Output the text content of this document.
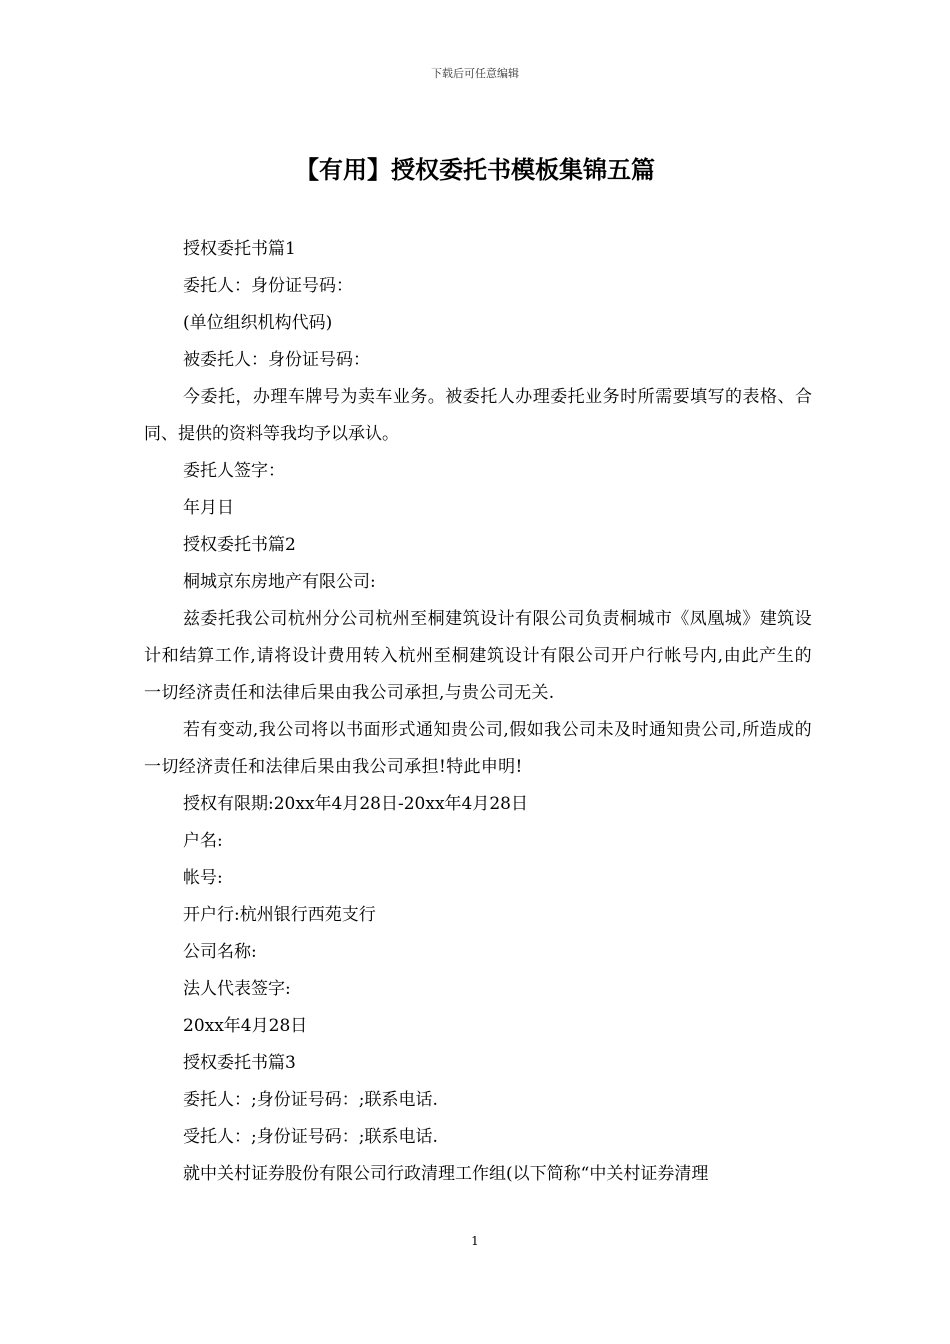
下载后可任意编辑
【有用】授权委托书模板集锦五篇

授权委托书篇1

委托人：身份证号码：

(单位组织机构代码)

被委托人：身份证号码：

今委托，办理车牌号为卖车业务。被委托人办理委托业务时所需要填写的表格、合同、提供的资料等我均予以承认。

委托人签字：

年月日

授权委托书篇2

桐城京东房地产有限公司:

兹委托我公司杭州分公司杭州至桐建筑设计有限公司负责桐城市《凤凰城》建筑设计和结算工作,请将设计费用转入杭州至桐建筑设计有限公司开户行帐号内,由此产生的一切经济责任和法律后果由我公司承担,与贵公司无关.

若有变动,我公司将以书面形式通知贵公司,假如我公司未及时通知贵公司,所造成的一切经济责任和法律后果由我公司承担!特此申明!

授权有限期:20xx年4月28日-20xx年4月28日

户名:

帐号:

开户行:杭州银行西苑支行

公司名称:

法人代表签字:

20xx年4月28日

授权委托书篇3

委托人：;身份证号码：;联系电话.

受托人：;身份证号码：;联系电话.

就中关村证券股份有限公司行政清理工作组(以下简称“中关村证券清理

1
